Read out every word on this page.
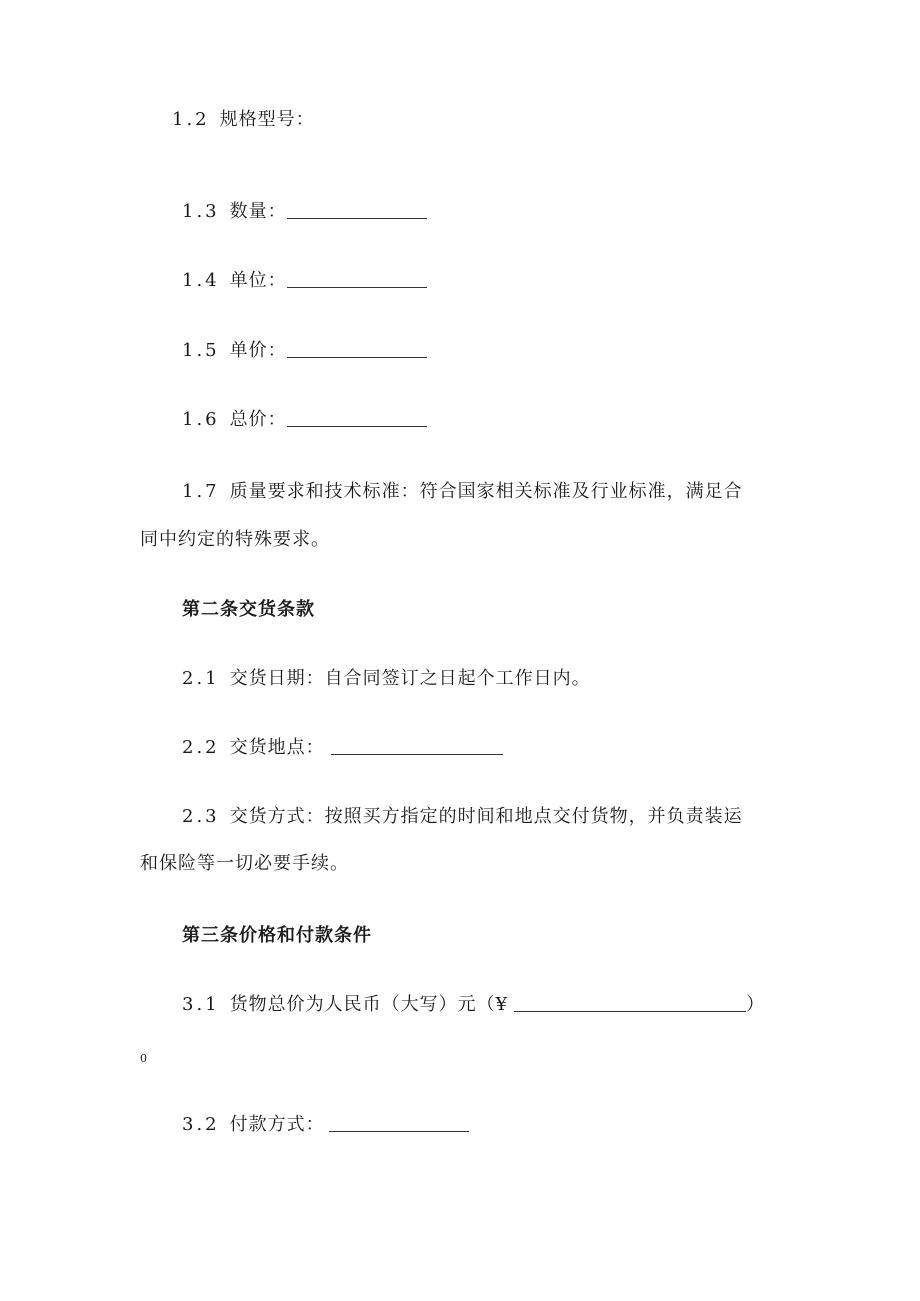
1.2 规格型号：
1.3 数量：
1.4 单位：
1.5 单价：
1.6 总价：
1.7 质量要求和技术标准：符合国家相关标准及行业标准，满足合
同中约定的特殊要求。
第二条交货条款
2.1 交货日期：自合同签订之日起个工作日内。
2.2 交货地点：
2.3 交货方式：按照买方指定的时间和地点交付货物，并负责装运
和保险等一切必要手续。
第三条价格和付款条件
3.1 货物总价为人民币（大写）元（¥	）
0
3.2 付款方式：
